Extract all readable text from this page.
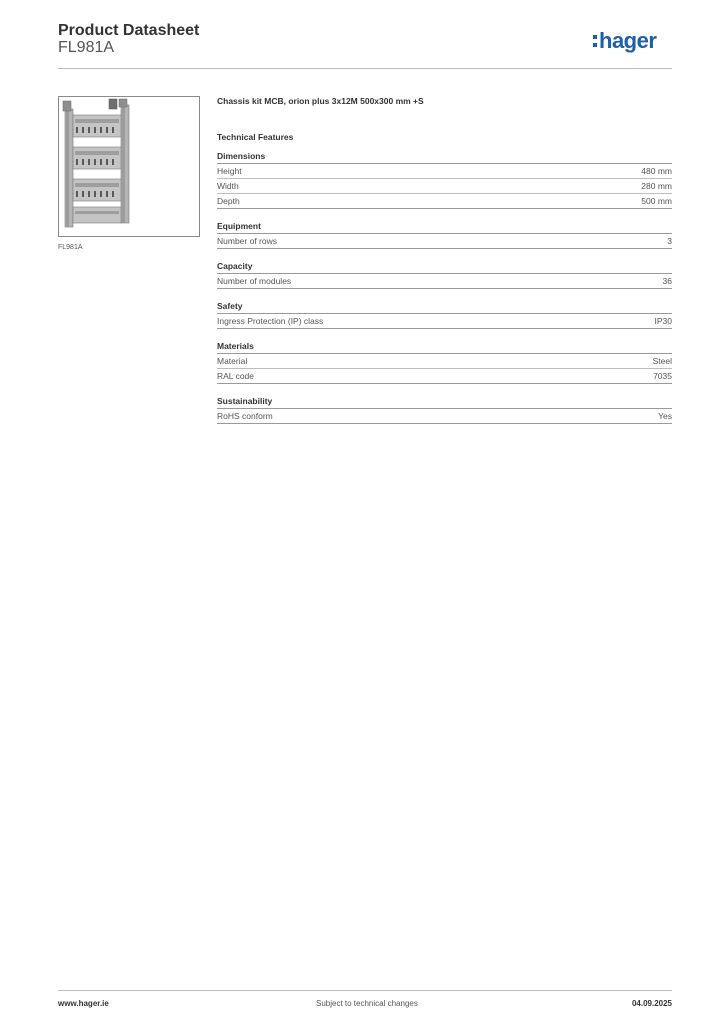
Product Datasheet
FL981A	hager
FL981A
Chassis kit MCB, orion plus 3x12M 500x300 mm +S
Technical Features
Dimensions
Height	480 mm
Width	280 mm
Depth	500 mm
Equipment
Number of rows	3
Capacity
Number of modules	36
Safety
Ingress Protection (IP) class	IP30
Materials
Material	Steel
RAL code	7035
Sustainability
RoHS conform	Yes
www.hager.ie	Subject to technical changes	04.09.2025
